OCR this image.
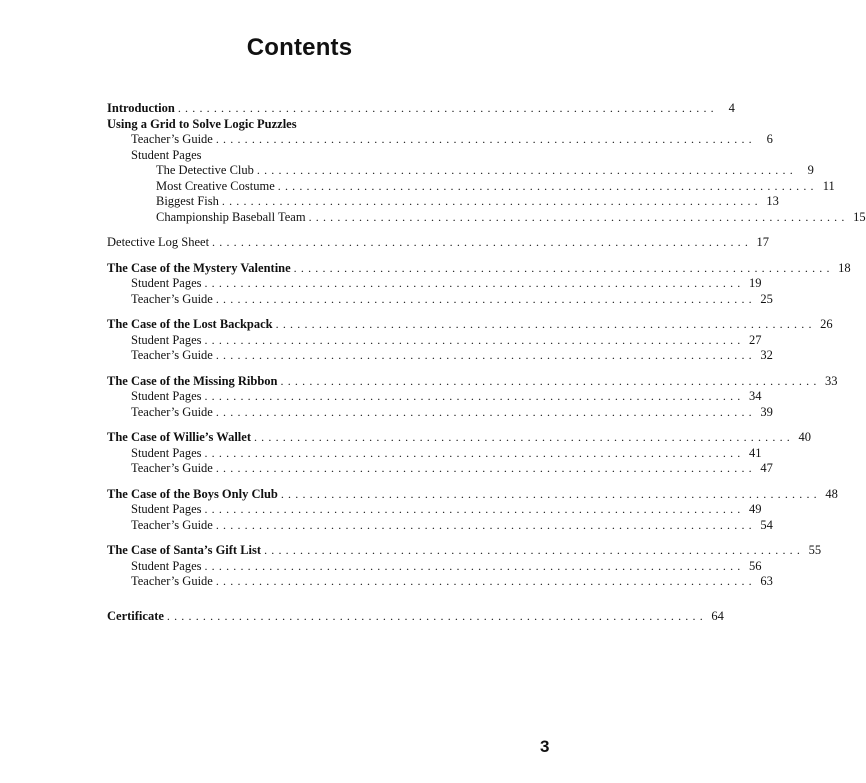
Contents
Introduction ........................................................................... 4
Using a Grid to Solve Logic Puzzles
Teacher’s Guide ........................................................................... 6
Student Pages
The Detective Club ........................................................................... 9
Most Creative Costume ........................................................................... 11
Biggest Fish ........................................................................... 13
Championship Baseball Team ........................................................................... 15
Detective Log Sheet ........................................................................... 17
The Case of the Mystery Valentine ........................................................................... 18
Student Pages ........................................................................... 19
Teacher’s Guide ........................................................................... 25
The Case of the Lost Backpack ........................................................................... 26
Student Pages ........................................................................... 27
Teacher’s Guide ........................................................................... 32
The Case of the Missing Ribbon ........................................................................... 33
Student Pages ........................................................................... 34
Teacher’s Guide ........................................................................... 39
The Case of Willie’s Wallet ........................................................................... 40
Student Pages ........................................................................... 41
Teacher’s Guide ........................................................................... 47
The Case of the Boys Only Club ........................................................................... 48
Student Pages ........................................................................... 49
Teacher’s Guide ........................................................................... 54
The Case of Santa’s Gift List ........................................................................... 55
Student Pages ........................................................................... 56
Teacher’s Guide ........................................................................... 63
Certificate ........................................................................... 64
3
